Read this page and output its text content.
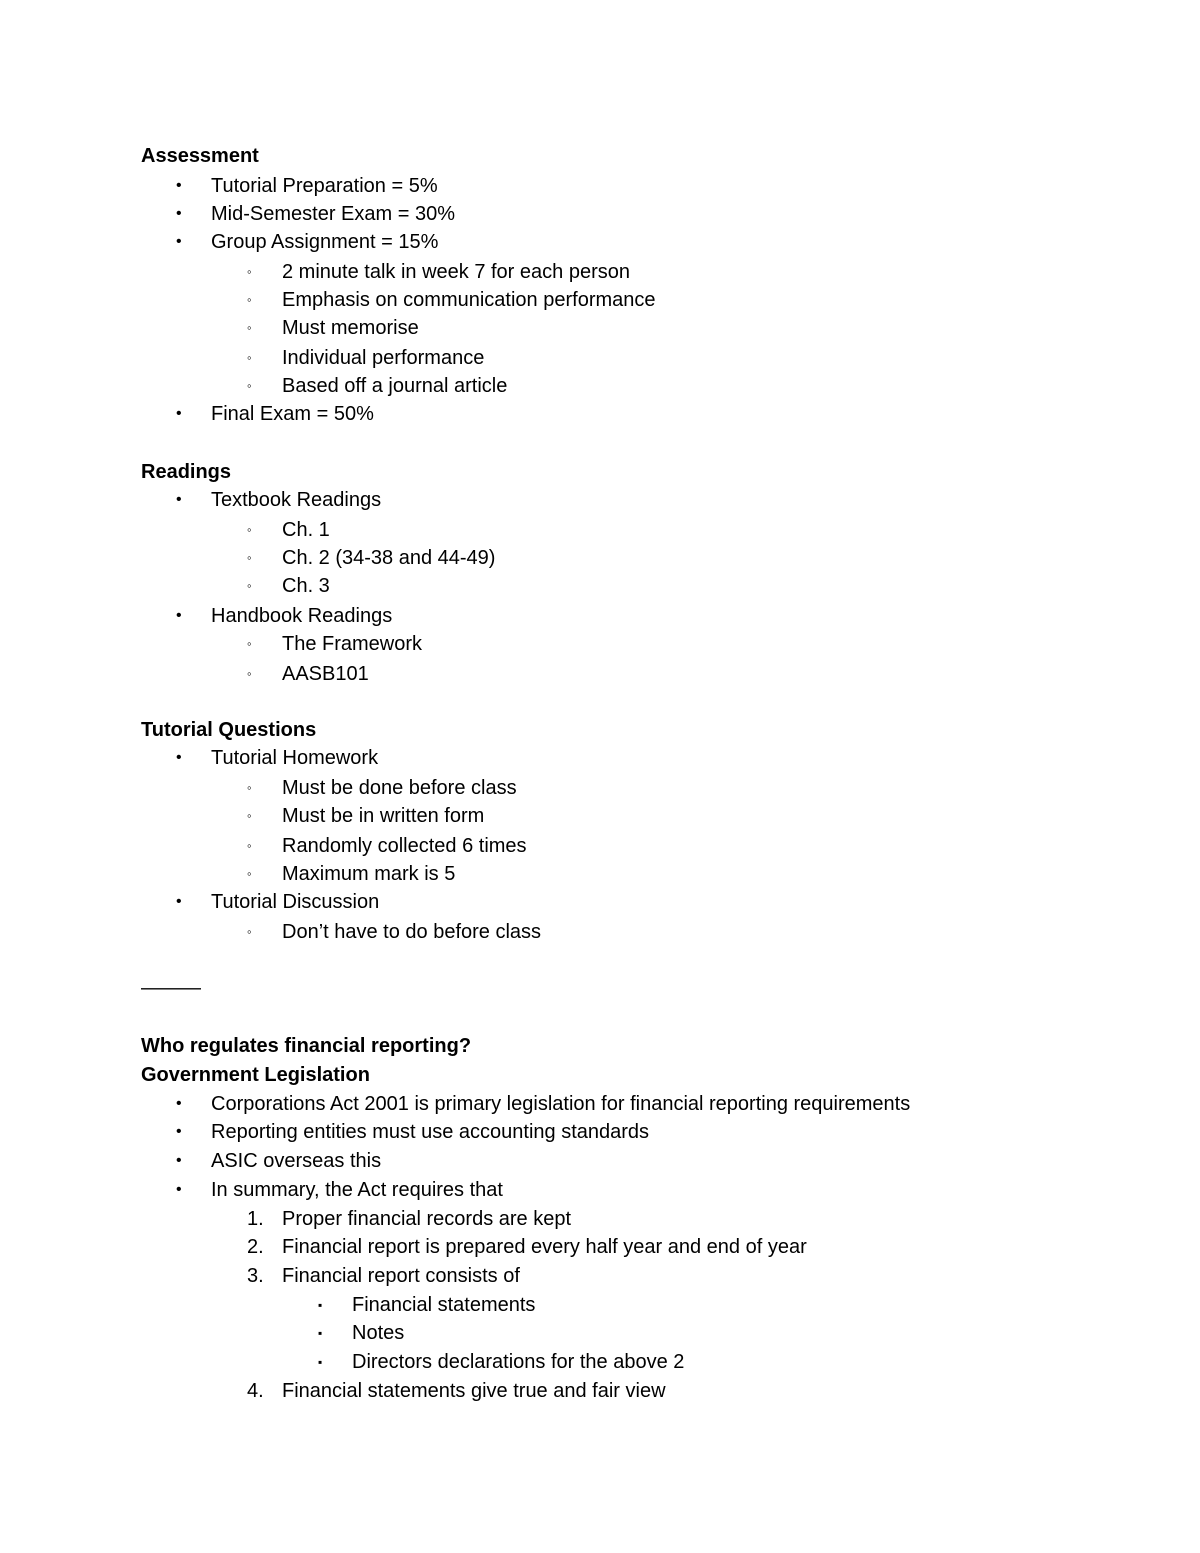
Assessment
• Tutorial Preparation = 5%
• Mid-Semester Exam = 30%
• Group Assignment = 15%
◦ 2 minute talk in week 7 for each person
◦ Emphasis on communication performance
◦ Must memorise
◦ Individual performance
◦ Based off a journal article
• Final Exam = 50%
Readings
• Textbook Readings
◦ Ch. 1
◦ Ch. 2 (34-38 and 44-49)
◦ Ch. 3
• Handbook Readings
◦ The Framework
◦ AASB101
Tutorial Questions
• Tutorial Homework
◦ Must be done before class
◦ Must be in written form
◦ Randomly collected 6 times
◦ Maximum mark is 5
• Tutorial Discussion
◦ Don’t have to do before class
———
Who regulates financial reporting?
Government Legislation
• Corporations Act 2001 is primary legislation for financial reporting requirements
• Reporting entities must use accounting standards
• ASIC overseas this
• In summary, the Act requires that
1. Proper financial records are kept
2. Financial report is prepared every half year and end of year
3. Financial report consists of
▪ Financial statements
▪ Notes
▪ Directors declarations for the above 2
4. Financial statements give true and fair view
